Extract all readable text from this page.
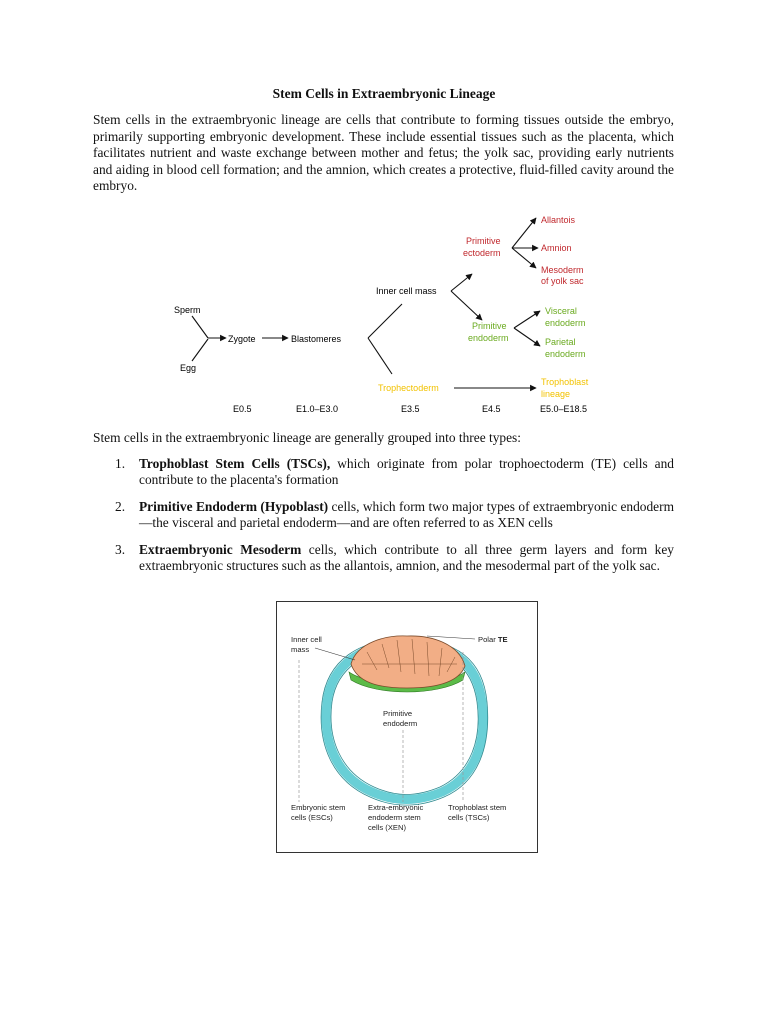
Stem Cells in Extraembryonic Lineage

Stem cells in the extraembryonic lineage are cells that contribute to forming tissues outside the embryo, primarily supporting embryonic development. These include essential tissues such as the placenta, which facilitates nutrient and waste exchange between mother and fetus; the yolk sac, providing early nutrients and aiding in blood cell formation; and the amnion, which creates a protective, fluid-filled cavity around the embryo.

Sperm
Egg
Zygote	Blastomeres
Inner cell mass
Trophectoderm
Primitive
ectoderm
Allantois
Amnion
Mesoderm
of yolk sac
Primitive
endoderm
Visceral
endoderm
Parietal
endoderm
Trophoblast
lineage
E0.5	E1.0–E3.0	E3.5	E4.5	E5.0–E18.5

Stem cells in the extraembryonic lineage are generally grouped into three types:

1. Trophoblast Stem Cells (TSCs), which originate from polar trophoectoderm (TE) cells and contribute to the placenta's formation
2. Primitive Endoderm (Hypoblast) cells, which form two major types of extraembryonic endoderm—the visceral and parietal endoderm—and are often referred to as XEN cells
3. Extraembryonic Mesoderm cells, which contribute to all three germ layers and form key extraembryonic structures such as the allantois, amnion, and the mesodermal part of the yolk sac.
Inner cell
mass
Polar TE
Primitive
endoderm
Embryonic stem
cells (ESCs)
Extra-embryonic
endoderm stem
cells (XEN)
Trophoblast stem
cells (TSCs)
